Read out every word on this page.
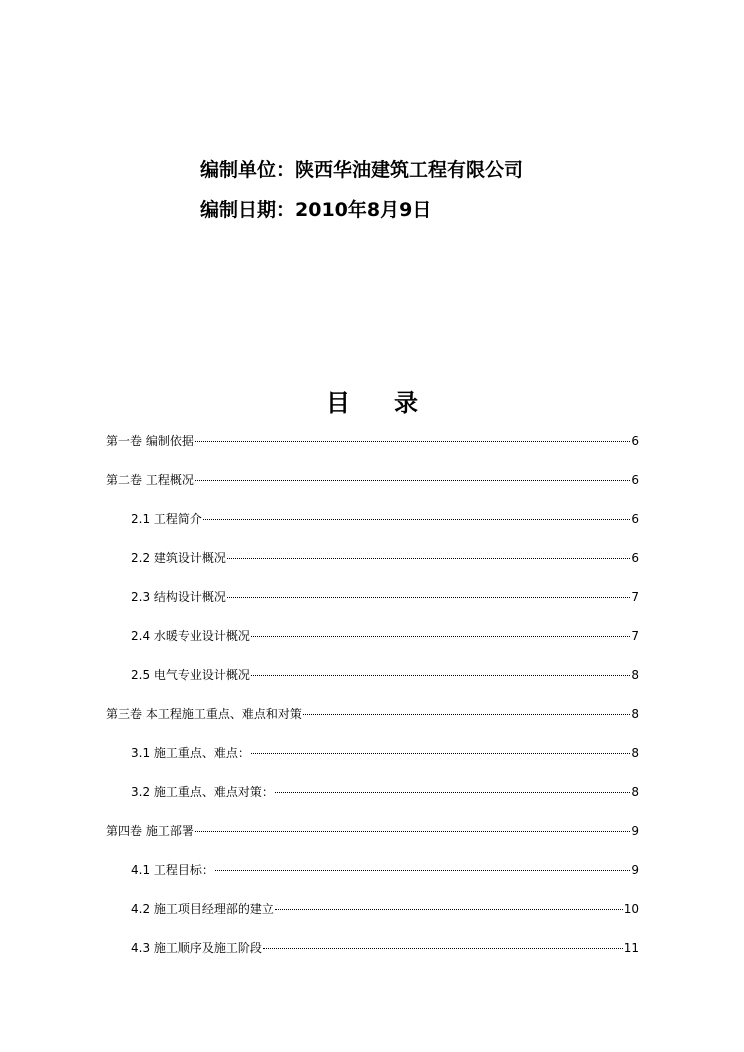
编制单位：陕西华油建筑工程有限公司
编制日期：2010年8月9日
目录
第一卷 编制依据	6
第二卷 工程概况	6
2.1 工程简介	6
2.2 建筑设计概况	6
2.3 结构设计概况	7
2.4 水暖专业设计概况	7
2.5 电气专业设计概况	8
第三卷 本工程施工重点、难点和对策	8
3.1 施工重点、难点：	8
3.2 施工重点、难点对策：	8
第四卷 施工部署	9
4.1 工程目标：	9
4.2 施工项目经理部的建立	10
4.3 施工顺序及施工阶段	11
